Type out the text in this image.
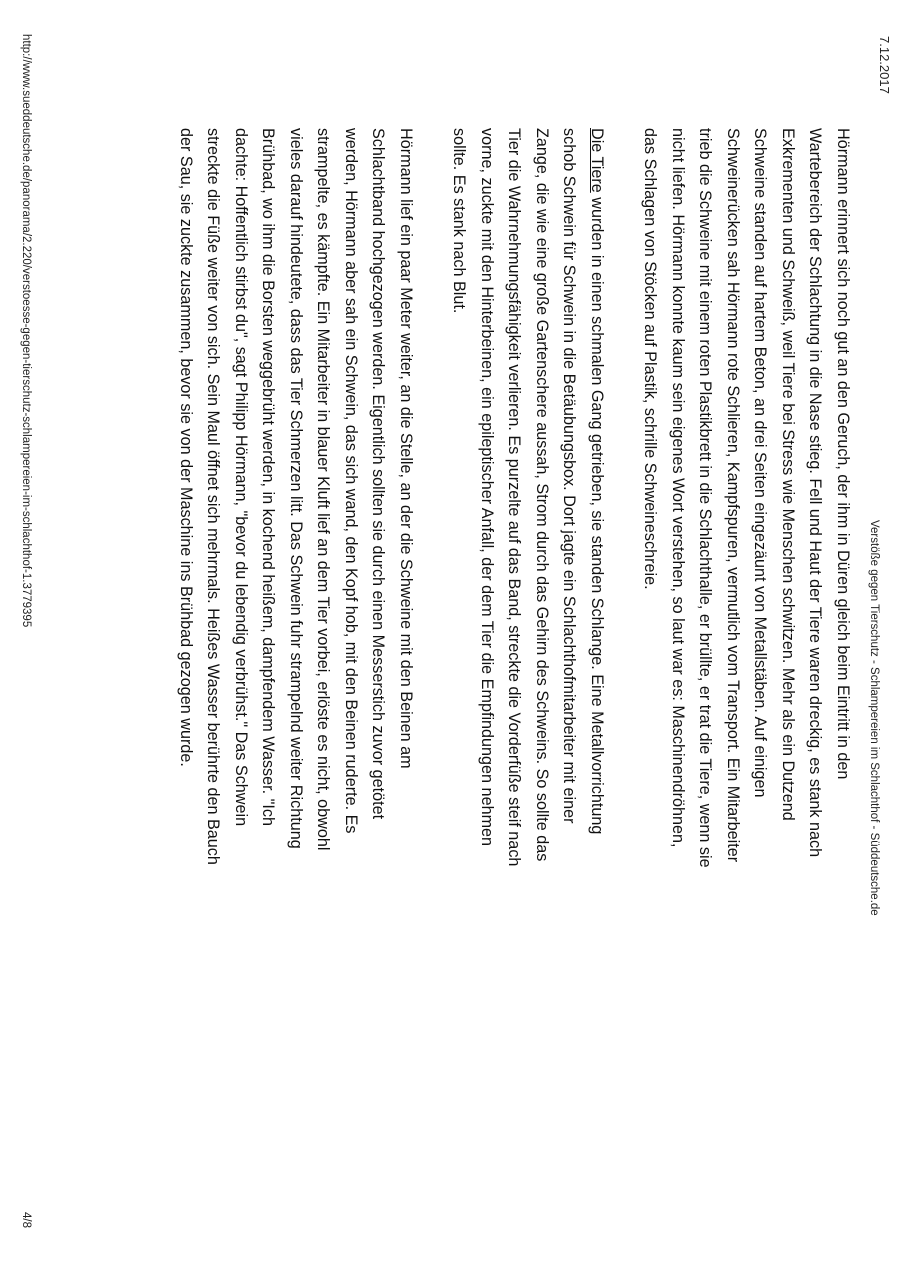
7.12.2017
Verstöße gegen Tierschutz - Schlampereien im Schlachthof - Süddeutsche.de

Hörmann erinnert sich noch gut an den Geruch, der ihm in Düren gleich beim Eintritt in den Wartebereich der Schlachtung in die Nase stieg. Fell und Haut der Tiere waren dreckig, es stank nach Exkrementen und Schweiß, weil Tiere bei Stress wie Menschen schwitzen. Mehr als ein Dutzend Schweine standen auf hartem Beton, an drei Seiten eingezäunt von Metallstäben. Auf einigen Schweinerücken sah Hörmann rote Schlieren, Kampfspuren, vermutlich vom Transport. Ein Mitarbeiter trieb die Schweine mit einem roten Plastikbrett in die Schlachthalle, er brüllte, er trat die Tiere, wenn sie nicht liefen. Hörmann konnte kaum sein eigenes Wort verstehen, so laut war es: Maschinendröhnen, das Schlagen von Stöcken auf Plastik, schrille Schweineschreie.

Die Tiere wurden in einen schmalen Gang getrieben, sie standen Schlange. Eine Metallvorrichtung schob Schwein für Schwein in die Betäubungsbox. Dort jagte ein Schlachthofmitarbeiter mit einer Zange, die wie eine große Gartenschere aussah, Strom durch das Gehirn des Schweins. So sollte das Tier die Wahrnehmungsfähigkeit verlieren. Es purzelte auf das Band, streckte die Vorderfüße steif nach vorne, zuckte mit den Hinterbeinen, ein epileptischer Anfall, der dem Tier die Empfindungen nehmen sollte. Es stank nach Blut.

Hörmann lief ein paar Meter weiter, an die Stelle, an der die Schweine mit den Beinen am Schlachtband hochgezogen werden. Eigentlich sollten sie durch einen Messerstich zuvor getötet werden, Hörmann aber sah ein Schwein, das sich wand, den Kopf hob, mit den Beinen ruderte. Es strampelte, es kämpfte. Ein Mitarbeiter in blauer Kluft lief an dem Tier vorbei, erlöste es nicht, obwohl vieles darauf hindeutete, dass das Tier Schmerzen litt. Das Schwein fuhr strampelnd weiter Richtung Brühbad, wo ihm die Borsten weggebrüht werden, in kochend heißem, dampfendem Wasser. "Ich dachte: Hoffentlich stirbst du", sagt Philipp Hörmann, "bevor du lebendig verbrühst." Das Schwein streckte die Füße weiter von sich. Sein Maul öffnet sich mehrmals. Heißes Wasser berührte den Bauch der Sau, sie zuckte zusammen, bevor sie von der Maschine ins Brühbad gezogen wurde.

http://www.sueddeutsche.de/panorama/2.220/verstoesse-gegen-tierschutz-schlampereien-im-schlachthof-1.3779395
4/8
